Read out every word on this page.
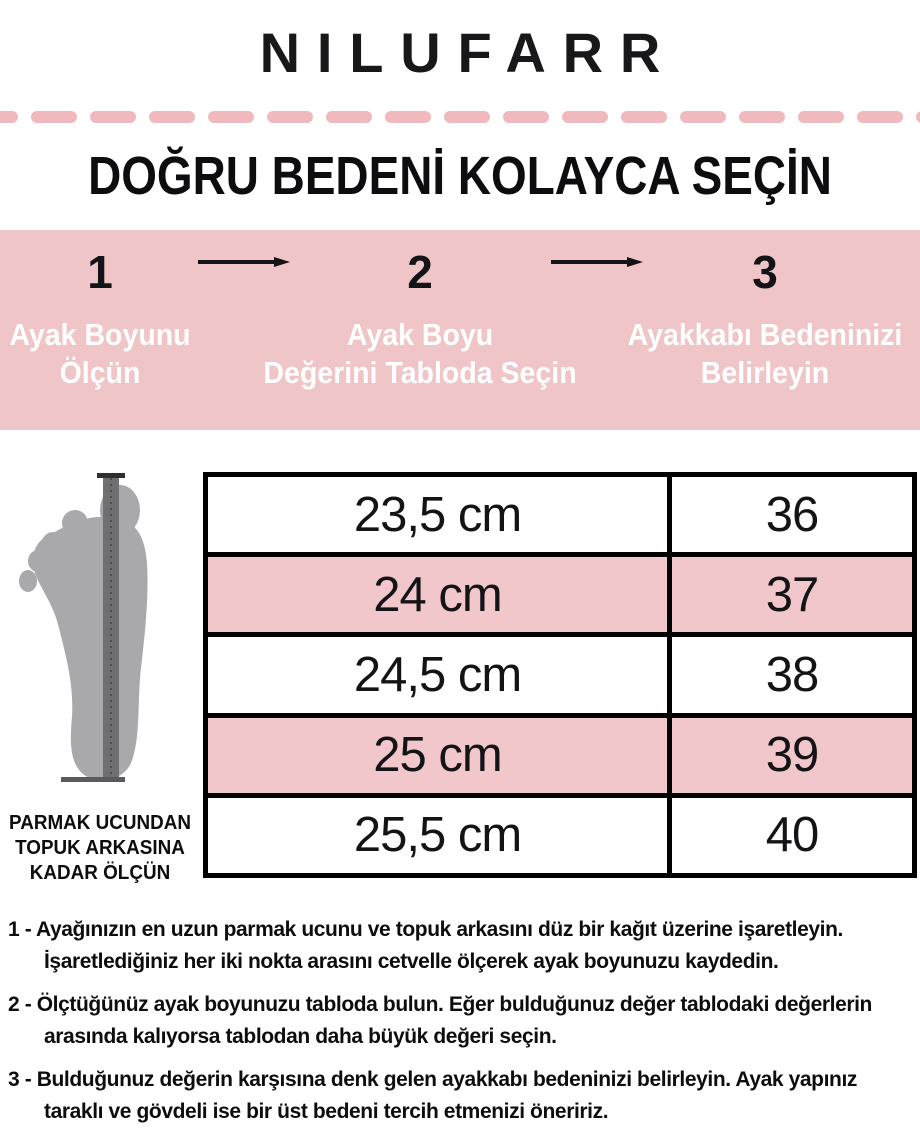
NILUFARR
DOĞRU BEDENİ KOLAYCA SEÇİN
1	2	3
Ayak Boyunu
Ölçün
Ayak Boyu
Değerini Tabloda Seçin
Ayakkabı Bedeninizi
Belirleyin
PARMAK UCUNDAN
TOPUK ARKASINA
KADAR ÖLÇÜN
23,5 cm	36
24 cm	37
24,5 cm	38
25 cm	39
25,5 cm	40
1 - Ayağınızın en uzun parmak ucunu ve topuk arkasını düz bir kağıt üzerine işaretleyin.
İşaretlediğiniz her iki nokta arasını cetvelle ölçerek ayak boyunuzu kaydedin.
2 - Ölçtüğünüz ayak boyunuzu tabloda bulun. Eğer bulduğunuz değer tablodaki değerlerin
arasında kalıyorsa tablodan daha büyük değeri seçin.
3 - Bulduğunuz değerin karşısına denk gelen ayakkabı bedeninizi belirleyin. Ayak yapınız
taraklı ve gövdeli ise bir üst bedeni tercih etmenizi öneririz.
